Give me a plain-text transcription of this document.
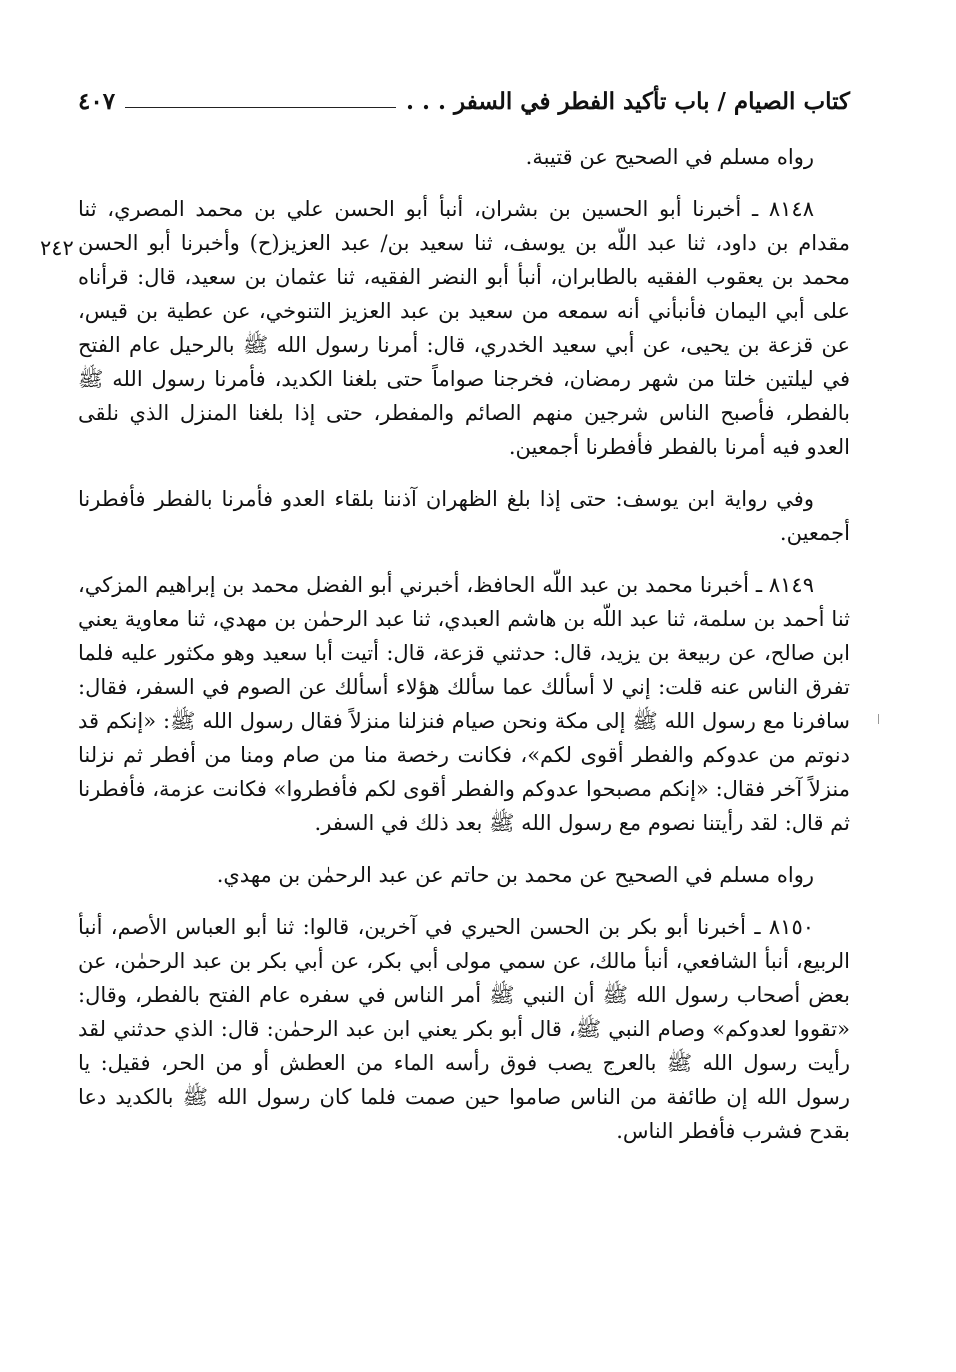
كتاب الصيام / باب تأكيد الفطر في السفر . . .
٤٠٧
٢٤٢

رواه مسلم في الصحيح عن قتيبة.

٨١٤٨ ـ أخبرنا أبو الحسين بن بشران، أنبأ أبو الحسن علي بن محمد المصري، ثنا مقدام بن داود، ثنا عبد اللّه بن يوسف، ثنا سعيد بن/ عبد العزيز(ح) وأخبرنا أبو الحسن محمد بن يعقوب الفقيه بالطابران، أنبأ أبو النضر الفقيه، ثنا عثمان بن سعيد، قال: قرأناه على أبي اليمان فأنبأني أنه سمعه من سعيد بن عبد العزيز التنوخي، عن عطية بن قيس، عن قزعة بن يحيى، عن أبي سعيد الخدري، قال: أمرنا رسول الله ﷺ بالرحيل عام الفتح في ليلتين خلتا من شهر رمضان، فخرجنا صواماً حتى بلغنا الكديد، فأمرنا رسول الله ﷺ بالفطر، فأصبح الناس شرجين منهم الصائم والمفطر، حتى إذا بلغنا المنزل الذي نلقى العدو فيه أمرنا بالفطر فأفطرنا أجمعين.

وفي رواية ابن يوسف: حتى إذا بلغ الظهران آذننا بلقاء العدو فأمرنا بالفطر فأفطرنا أجمعين.

٨١٤٩ ـ أخبرنا محمد بن عبد اللّه الحافظ، أخبرني أبو الفضل محمد بن إبراهيم المزكي، ثنا أحمد بن سلمة، ثنا عبد اللّه بن هاشم العبدي، ثنا عبد الرحمٰن بن مهدي، ثنا معاوية يعني ابن صالح، عن ربيعة بن يزيد، قال: حدثني قزعة، قال: أتيت أبا سعيد وهو مكثور عليه فلما تفرق الناس عنه قلت: إني لا أسألك عما سألك هؤلاء أسألك عن الصوم في السفر، فقال: سافرنا مع رسول الله ﷺ إلى مكة ونحن صيام فنزلنا منزلاً فقال رسول الله ﷺ: «إنكم قد دنوتم من عدوكم والفطر أقوى لكم»، فكانت رخصة منا من صام ومنا من أفطر ثم نزلنا منزلاً آخر فقال: «إنكم مصبحوا عدوكم والفطر أقوى لكم فأفطروا» فكانت عزمة، فأفطرنا ثم قال: لقد رأيتنا نصوم مع رسول الله ﷺ بعد ذلك في السفر.

رواه مسلم في الصحيح عن محمد بن حاتم عن عبد الرحمٰن بن مهدي.

٨١٥٠ ـ أخبرنا أبو بكر بن الحسن الحيري في آخرين، قالوا: ثنا أبو العباس الأصم، أنبأ الربيع، أنبأ الشافعي، أنبأ مالك، عن سمي مولى أبي بكر، عن أبي بكر بن عبد الرحمٰن، عن بعض أصحاب رسول الله ﷺ أن النبي ﷺ أمر الناس في سفره عام الفتح بالفطر، وقال: «تقووا لعدوكم» وصام النبي ﷺ، قال أبو بكر يعني ابن عبد الرحمٰن: قال: الذي حدثني لقد رأيت رسول الله ﷺ بالعرج يصب فوق رأسه الماء من العطش أو من الحر، فقيل: يا رسول الله إن طائفة من الناس صاموا حين صمت فلما كان رسول الله ﷺ بالكديد دعا بقدح فشرب فأفطر الناس.
